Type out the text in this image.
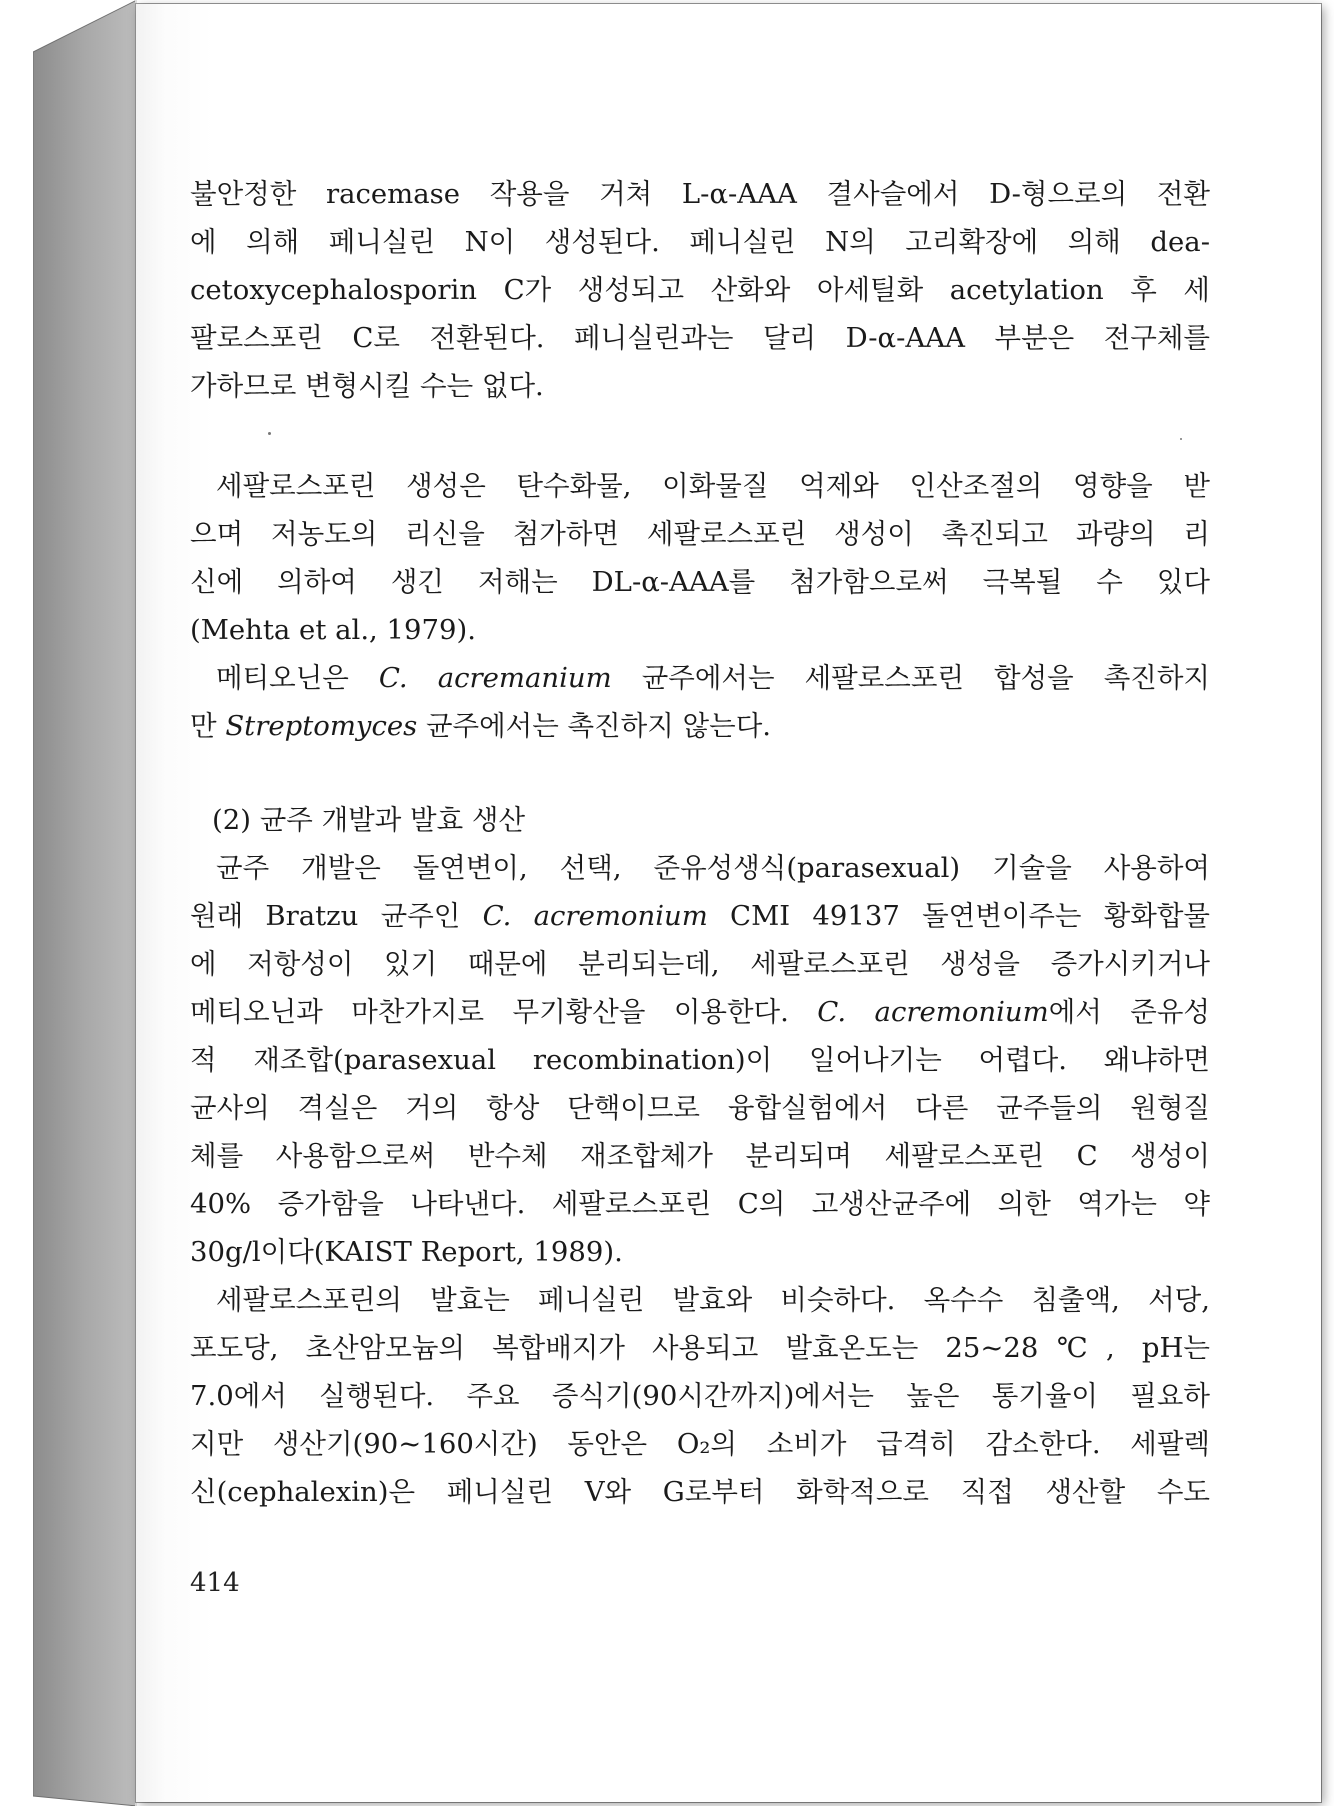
불안정한 racemase 작용을 거쳐 L-α-AAA 결사슬에서 D-형으로의 전환
에 의해 페니실린 N이 생성된다. 페니실린 N의 고리확장에 의해 dea-
cetoxycephalosporin C가 생성되고 산화와 아세틸화 acetylation 후 세
팔로스포린 C로 전환된다. 페니실린과는 달리 D-α-AAA 부분은 전구체를
가하므로 변형시킬 수는 없다.
세팔로스포린 생성은 탄수화물, 이화물질 억제와 인산조절의 영향을 받
으며 저농도의 리신을 첨가하면 세팔로스포린 생성이 촉진되고 과량의 리
신에 의하여 생긴 저해는 DL-α-AAA를 첨가함으로써 극복될 수 있다
(Mehta et al., 1979).
메티오닌은 C. acremanium 균주에서는 세팔로스포린 합성을 촉진하지
만 Streptomyces 균주에서는 촉진하지 않는다.
(2) 균주 개발과 발효 생산
균주 개발은 돌연변이, 선택, 준유성생식(parasexual) 기술을 사용하여
원래 Bratzu 균주인 C. acremonium CMI 49137 돌연변이주는 황화합물
에 저항성이 있기 때문에 분리되는데, 세팔로스포린 생성을 증가시키거나
메티오닌과 마찬가지로 무기황산을 이용한다. C. acremonium에서 준유성
적 재조합(parasexual recombination)이 일어나기는 어렵다. 왜냐하면
균사의 격실은 거의 항상 단핵이므로 융합실험에서 다른 균주들의 원형질
체를 사용함으로써 반수체 재조합체가 분리되며 세팔로스포린 C 생성이
40% 증가함을 나타낸다. 세팔로스포린 C의 고생산균주에 의한 역가는 약
30g/l이다(KAIST Report, 1989).
세팔로스포린의 발효는 페니실린 발효와 비슷하다. 옥수수 침출액, 서당,
포도당, 초산암모늄의 복합배지가 사용되고 발효온도는 25~28℃, pH는
7.0에서 실행된다. 주요 증식기(90시간까지)에서는 높은 통기율이 필요하
지만 생산기(90~160시간) 동안은 O₂의 소비가 급격히 감소한다. 세팔렉
신(cephalexin)은 페니실린 V와 G로부터 화학적으로 직접 생산할 수도
414
